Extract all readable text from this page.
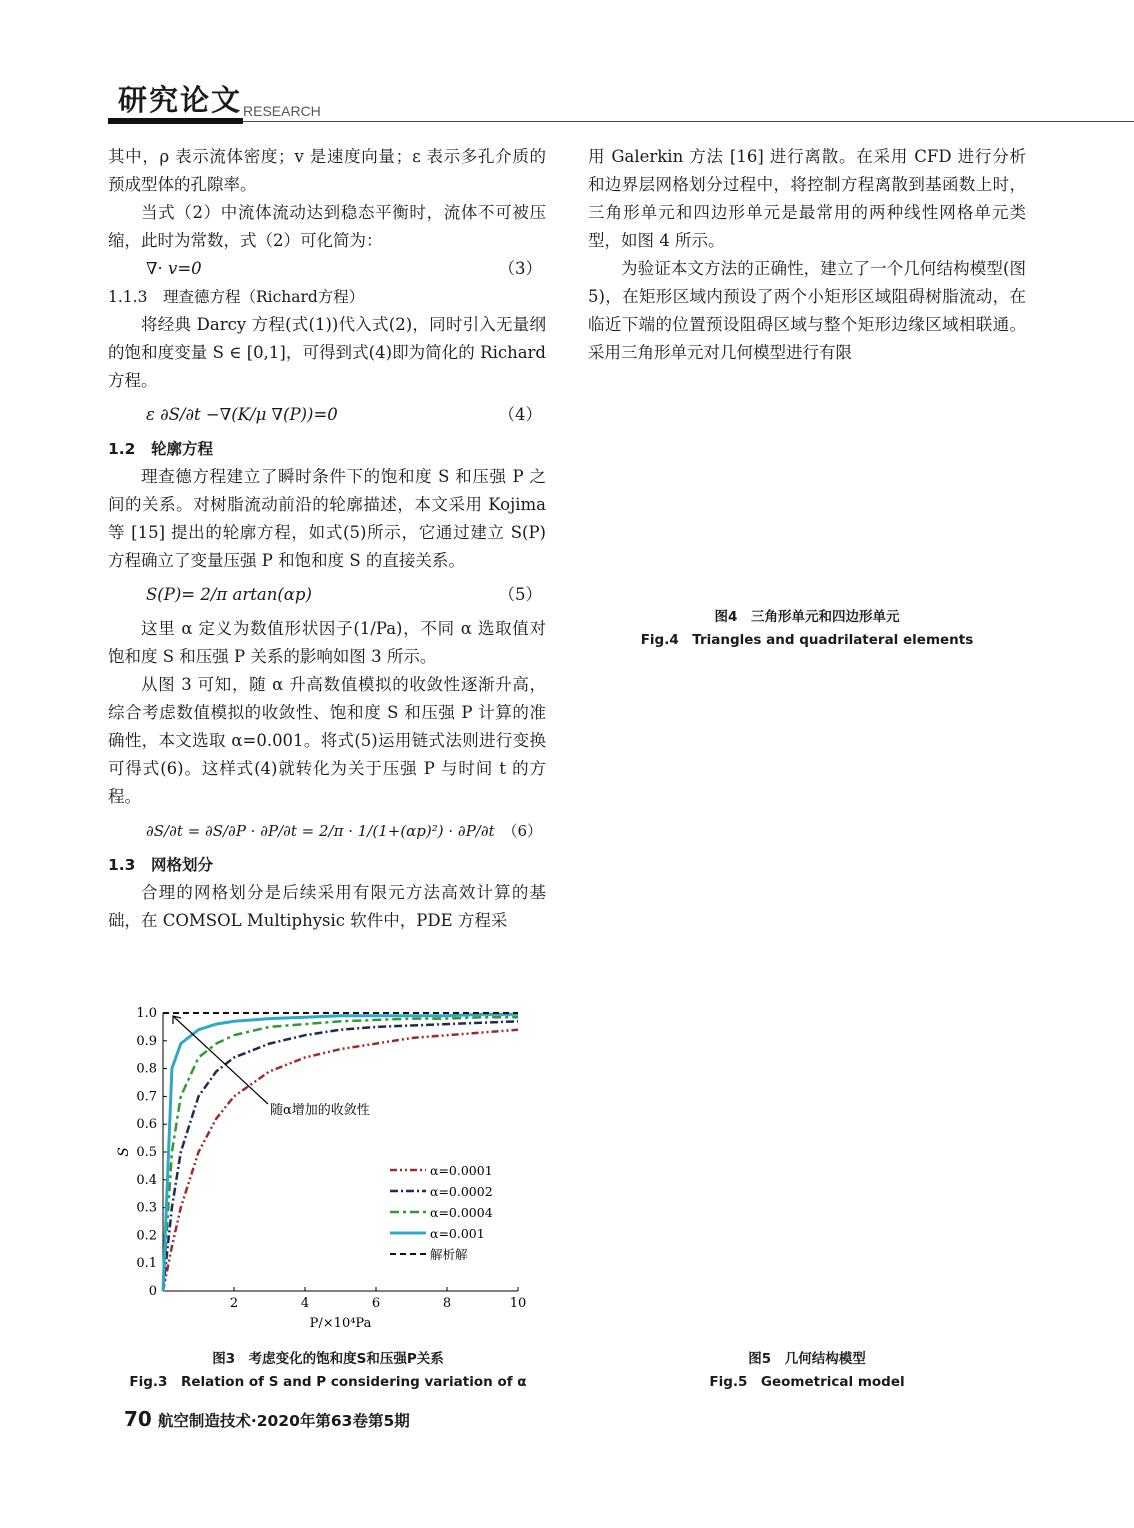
研究论文 RESEARCH

其中，ρ 表示流体密度；v 是速度向量；ε 表示多孔介质的预成型体的孔隙率。

当式（2）中流体流动达到稳态平衡时，流体不可被压缩，此时为常数，式（2）可化简为：

∇· v=0	（3）

1.1.3　理查德方程（Richard方程）

将经典 Darcy 方程(式(1))代入式(2)，同时引入无量纲的饱和度变量 S ∈ [0,1]，可得到式(4)即为简化的 Richard 方程。

ε ∂S/∂t −∇(K/μ ∇(P))=0	（4）

1.2　轮廓方程

理查德方程建立了瞬时条件下的饱和度 S 和压强 P 之间的关系。对树脂流动前沿的轮廓描述，本文采用 Kojima 等 [15] 提出的轮廓方程，如式(5)所示，它通过建立 S(P) 方程确立了变量压强 P 和饱和度 S 的直接关系。

S(P)= 2/π artan(αp)	（5）

这里 α 定义为数值形状因子(1/Pa)，不同 α 选取值对饱和度 S 和压强 P 关系的影响如图 3 所示。

从图 3 可知，随 α 升高数值模拟的收敛性逐渐升高，综合考虑数值模拟的收敛性、饱和度 S 和压强 P 计算的准确性，本文选取 α=0.001。将式(5)运用链式法则进行变换可得式(6)。这样式(4)就转化为关于压强 P 与时间 t 的方程。

∂S/∂t = ∂S/∂P · ∂P/∂t = 2/π · 1/(1+(αp)²) · ∂P/∂t （6）

1.3　网格划分

合理的网格划分是后续采用有限元方法高效计算的基础，在 COMSOL Multiphysic 软件中，PDE 方程采

用 Galerkin 方法 [16] 进行离散。在采用 CFD 进行分析和边界层网格划分过程中，将控制方程离散到基函数上时，三角形单元和四边形单元是最常用的两种线性网格单元类型，如图 4 所示。

为验证本文方法的正确性，建立了一个几何结构模型(图 5)，在矩形区域内预设了两个小矩形区域阻碍树脂流动，在临近下端的位置预设阻碍区域与整个矩形边缘区域相联通。采用三角形单元对几何模型进行有限

2	4	6	8	10
0
0.1
0.2
0.3
0.4
0.5
0.6
0.7
0.8
0.9
1.0
P/×10⁴Pa
S
α=0.0001
α=0.0002
α=0.0004
α=0.001
解析解
随α增加的收敛性
图3　考虑变化的饱和度S和压强P关系
Fig.3　Relation of S and P considering variation of α
图4　三角形单元和四边形单元
Fig.4　Triangles and quadrilateral elements
图5　几何结构模型
Fig.5　Geometrical model
70 航空制造技术·2020年第63卷第5期
